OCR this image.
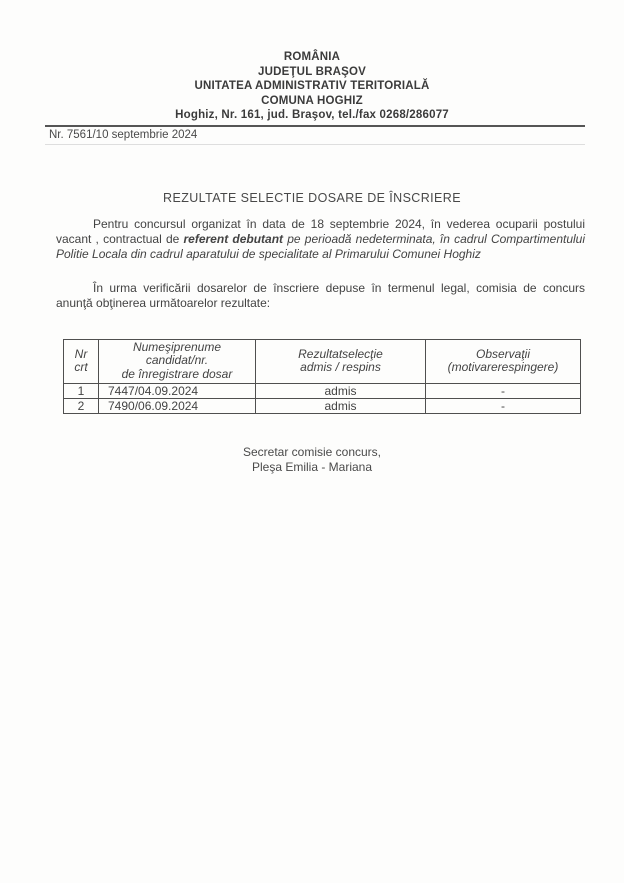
ROMÂNIA
JUDEŢUL BRAŞOV
UNITATEA ADMINISTRATIV TERITORIALĂ
COMUNA HOGHIZ
Hoghiz, Nr. 161, jud. Braşov, tel./fax 0268/286077
Nr. 7561/10 septembrie 2024
REZULTATE SELECTIE DOSARE DE ÎNSCRIERE

Pentru concursul organizat în data de 18 septembrie 2024, în vederea ocuparii postului vacant , contractual de referent debutant pe perioadă nedeterminata, în cadrul Compartimentului Politie Locala din cadrul aparatului de specialitate al Primarului Comunei Hoghiz

În urma verificării dosarelor de înscriere depuse în termenul legal, comisia de concurs anunţă obţinerea următoarelor rezultate:

Nr
crt

Numeşiprenume candidat/nr.
de înregistrare dosar

Rezultatselecţie
admis / respins

Observaţii
(motivarerespingere)

1	7447/04.09.2024	admis	-
2	7490/06.09.2024	admis	-
Secretar comisie concurs,
Pleşa Emilia - Mariana
